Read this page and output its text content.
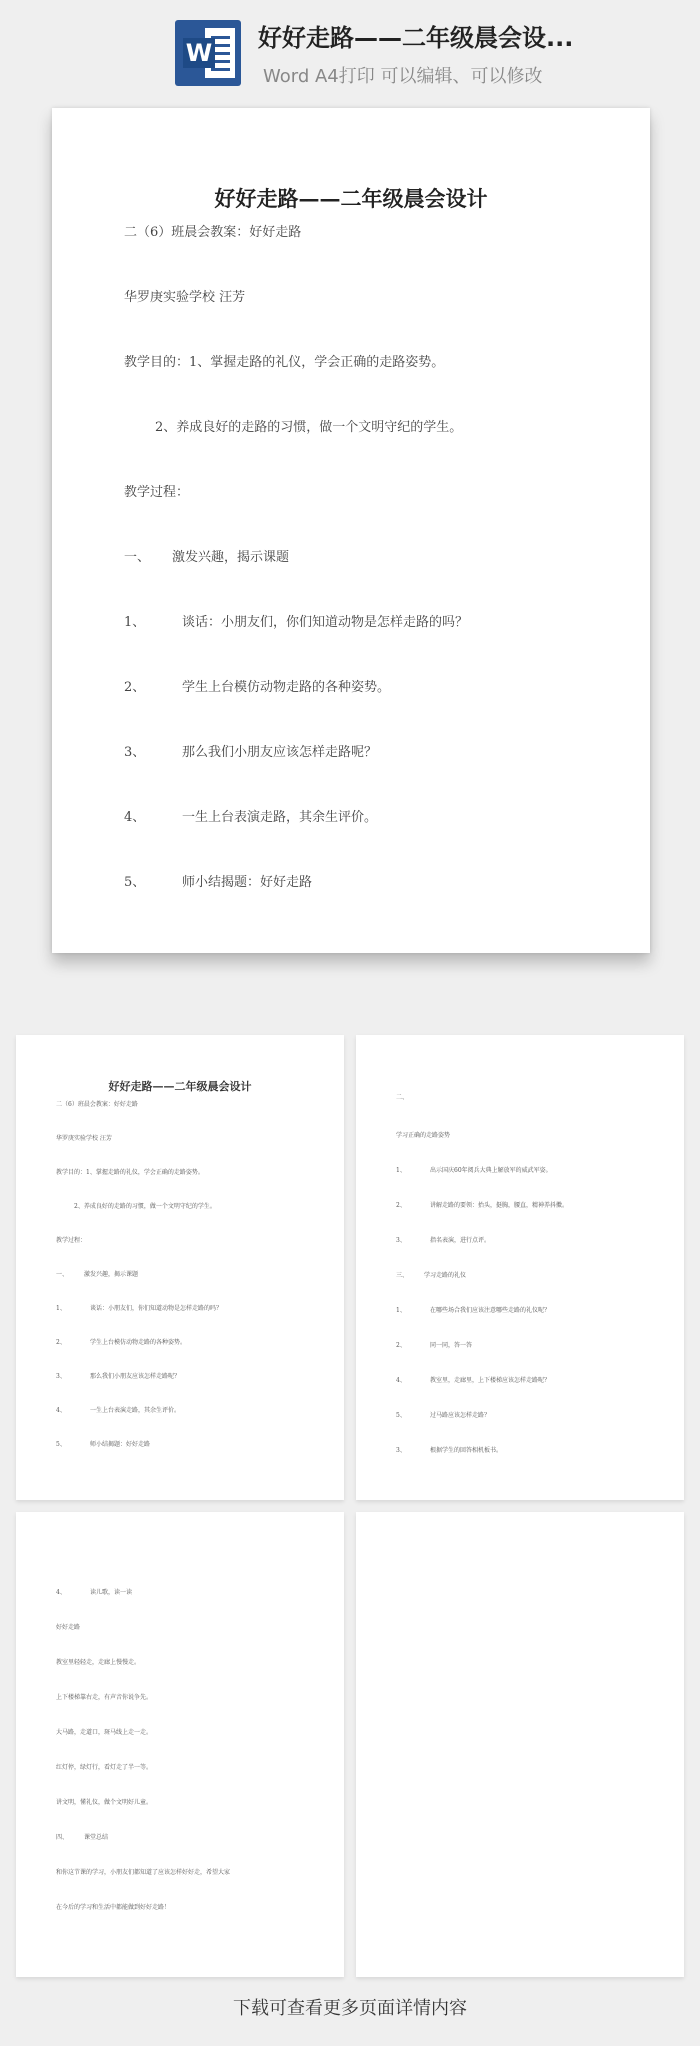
W
好好走路——二年级晨会设...
Word A4打印 可以编辑、可以修改
好好走路——二年级晨会设计
二（6）班晨会教案：好好走路
华罗庚实验学校 汪芳
教学目的：1、掌握走路的礼仪，学会正确的走路姿势。
2、养成良好的走路的习惯，做一个文明守纪的学生。
教学过程：
一、 激发兴趣，揭示课题
1、	谈话：小朋友们，你们知道动物是怎样走路的吗？
2、	学生上台模仿动物走路的各种姿势。
3、	那么我们小朋友应该怎样走路呢？
4、	一生上台表演走路，其余生评价。
5、	师小结揭题：好好走路
好好走路——二年级晨会设计
二（6）班晨会教案：好好走路
华罗庚实验学校 汪芳
教学目的：1、掌握走路的礼仪，学会正确的走路姿势。
2、养成良好的走路的习惯，做一个文明守纪的学生。
教学过程：
一、	激发兴趣，揭示课题
1、	谈话：小朋友们，你们知道动物是怎样走路的吗？
2、	学生上台模仿动物走路的各种姿势。
3、	那么我们小朋友应该怎样走路呢？
4、	一生上台表演走路，其余生评价。
5、	师小结揭题：好好走路
二、
学习正确的走路姿势
1、	出示国庆60年阅兵大典上解放军的威武军姿。
2、	讲解走路的要领：抬头，挺胸，腰直，精神养抖擞。
3、	指名表演，进行点评。
三、	学习走路的礼仪
1、	在哪些场合我们应该注意哪些走路的礼仪呢？
2、	同一同，答一答
4、	教室里，走廊里，上下楼梯应该怎样走路呢？
5、	过马路应该怎样走路？
3、	根据学生的回答相机板书。
4、	读儿歌，读一读
好好走路
教室里轻轻走，走廊上慢慢走。
上下楼梯靠右走，有声音你说争先。
大马路，走道口，斑马线上走一走。
红灯停，绿灯行，看灯走了半一等。
讲文明，懂礼仪，做个文明好儿童。
四、	课堂总结
和你这节课的学习，小朋友们都知道了应该怎样好好走，希望大家
在今后的学习和生活中都能做到好好走路！
下载可查看更多页面详情内容
